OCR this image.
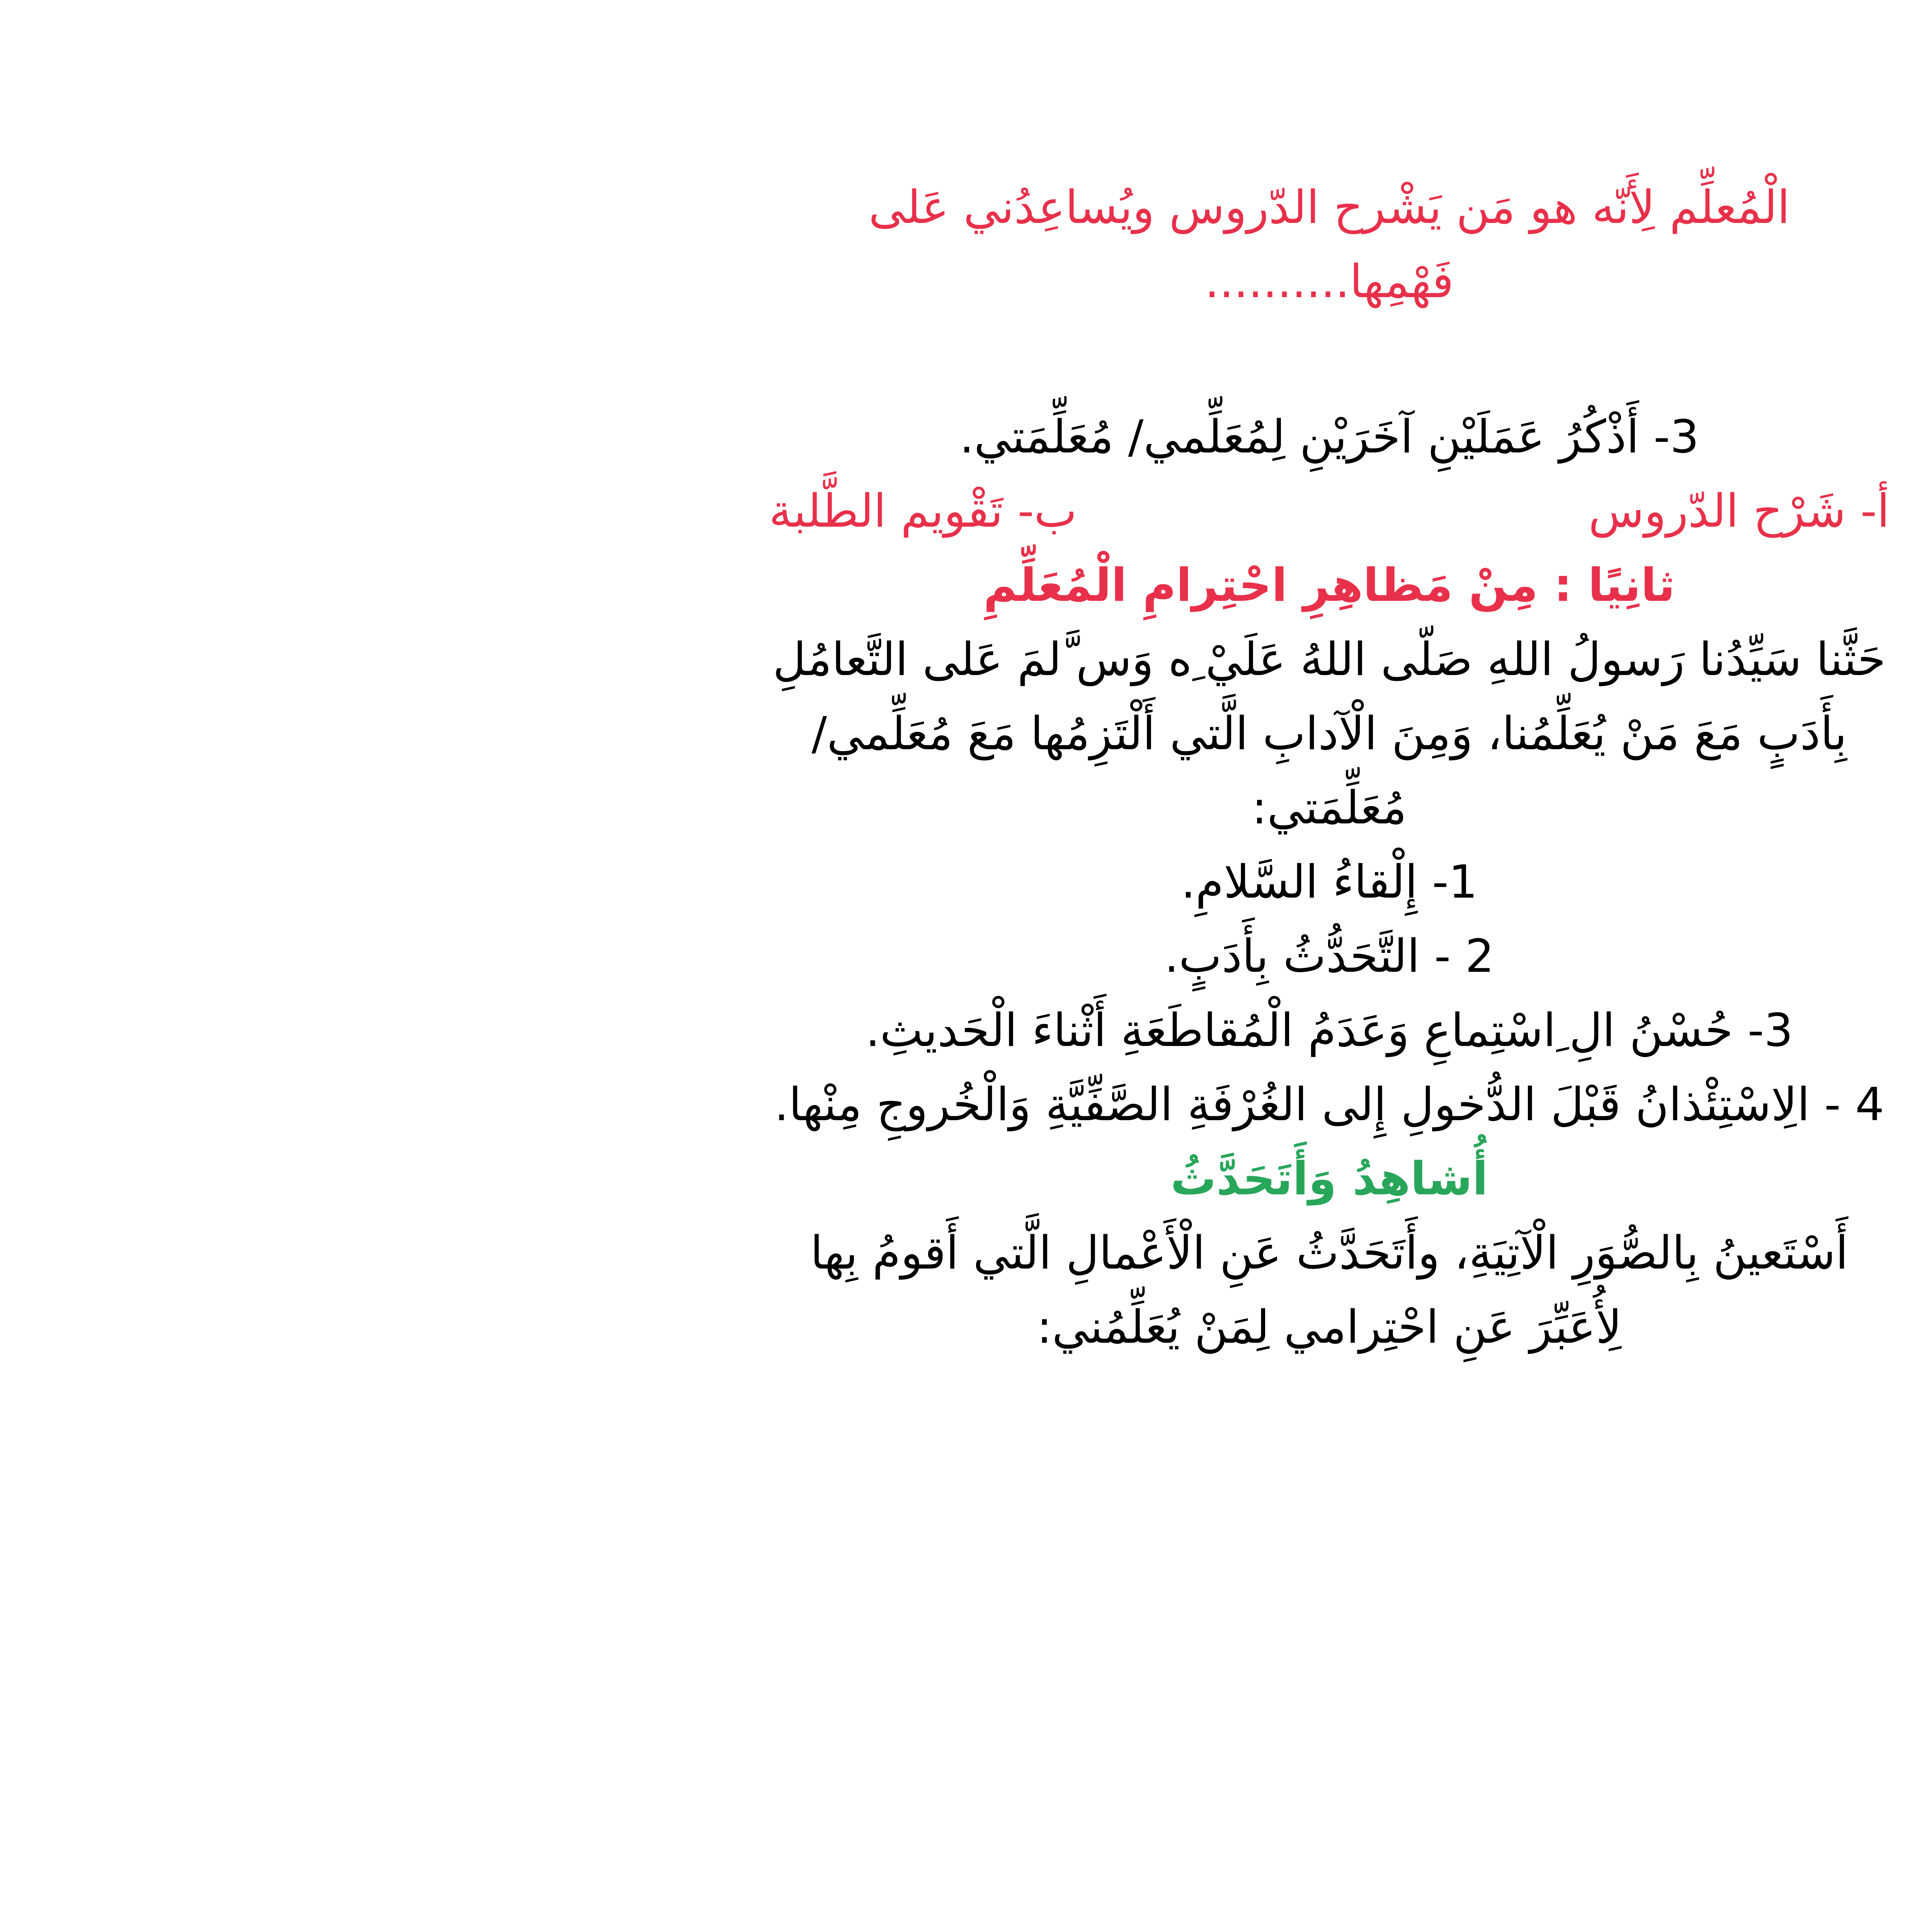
الْمُعلِّم لِأَنّه هو مَن يَشْرح الدّروس ويُساعِدُني عَلى فَهْمِها..........
3- أَذْكُرُ عَمَلَيْنِ آخَرَيْنِ لِمُعَلِّمي/ مُعَلِّمَتي.
أ- شَرْح الدّروس
ب- تَقْويم الطَّلبة
ثانِيًا : مِنْ مَظاهِرِ احْتِرامِ الْمُعَلِّمِ
حَثَّنا سَيِّدُنا رَسولُ اللهِ صَلّى اللهُ عَلَيْ ِه وَس َّلمَ عَلى التَّعامُلِ بِأَدَبٍ مَعَ مَنْ يُعَلِّمُنا، وَمِنَ الْآدابِ الَّتي أَلْتَزِمُها مَعَ مُعَلِّمي/مُعَلِّمَتي:
1- إِلْقاءُ السَّلامِ.
2 - التَّحَدُّثُ بِأَدَبٍ.
3- حُسْنُ الِ ِاسْتِماعِ وَعَدَمُ الْمُقاطَعَةِ أَثْناءَ الْحَديثِ.
4 - الِاسْتِئْذانُ قَبْلَ الدُّخولِ إِلى الغُرْفَةِ الصَّفِّيَّةِ وَالْخُروجِ مِنْها.
أُشاهِدُ وَأَتَحَدَّثُ
أَسْتَعينُ بِالصُّوَرِ الْآتِيَةِ، وأَتَحَدَّثُ عَنِ الْأَعْمالِ الَّتي أَقومُ بِها لِأُعَبِّرَ عَنِ احْتِرامي لِمَنْ يُعَلِّمُني:
